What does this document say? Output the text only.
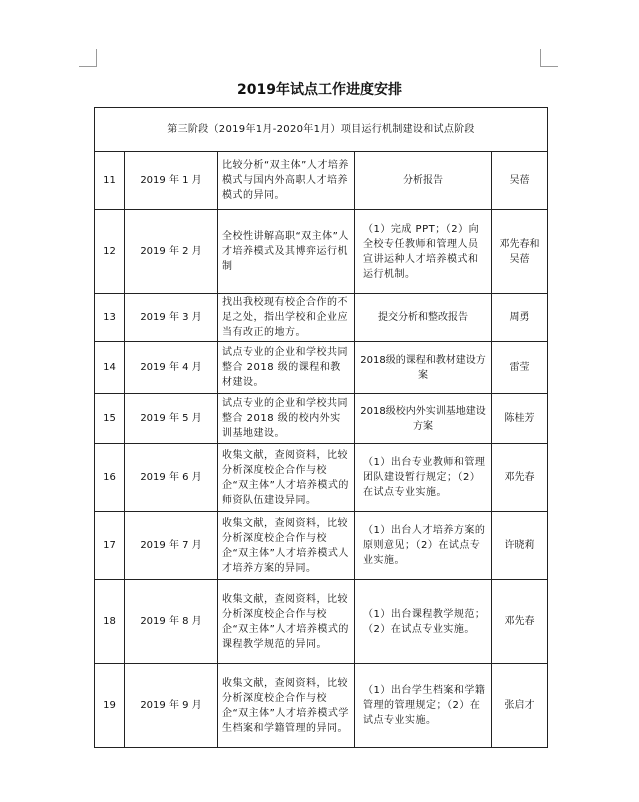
2019年试点工作进度安排
第三阶段（2019年1月-2020年1月）项目运行机制建设和试点阶段				
11	2019 年 1 月	比较分析“双主体”人才培养模式与国内外高职人才培养模式的异同。	分析报告	吴蓓
12	2019 年 2 月	全校性讲解高职“双主体”人才培养模式及其博弈运行机制	（1）完成 PPT；（2）向全校专任教师和管理人员宣讲运种人才培养模式和运行机制。	邓先春和吴蓓
13	2019 年 3 月	找出我校现有校企合作的不足之处，指出学校和企业应当有改正的地方。	提交分析和整改报告	周勇
14	2019 年 4 月	试点专业的企业和学校共同整合 2018 级的课程和教材建设。	2018级的课程和教材建设方案	雷莹
15	2019 年 5 月	试点专业的企业和学校共同整合 2018 级的校内外实训基地建设。	2018级校内外实训基地建设方案	陈桂芳
16	2019 年 6 月	收集文献，查阅资料，比较分析深度校企合作与校企“双主体”人才培养模式的师资队伍建设异同。	（1）出台专业教师和管理团队建设暂行规定；（2）在试点专业实施。	邓先春
17	2019 年 7 月	收集文献，查阅资料，比较分析深度校企合作与校企“双主体”人才培养模式人才培养方案的异同。	（1）出台人才培养方案的原则意见；（2）在试点专业实施。	许晓莉
18	2019 年 8 月	收集文献，查阅资料，比较分析深度校企合作与校企“双主体”人才培养模式的课程教学规范的异同。	（1）出台课程教学规范；（2）在试点专业实施。	邓先春
19	2019 年 9 月	收集文献，查阅资料，比较分析深度校企合作与校企“双主体”人才培养模式学生档案和学籍管理的异同。	（1）出台学生档案和学籍管理的管理规定；（2）在试点专业实施。	张启才
